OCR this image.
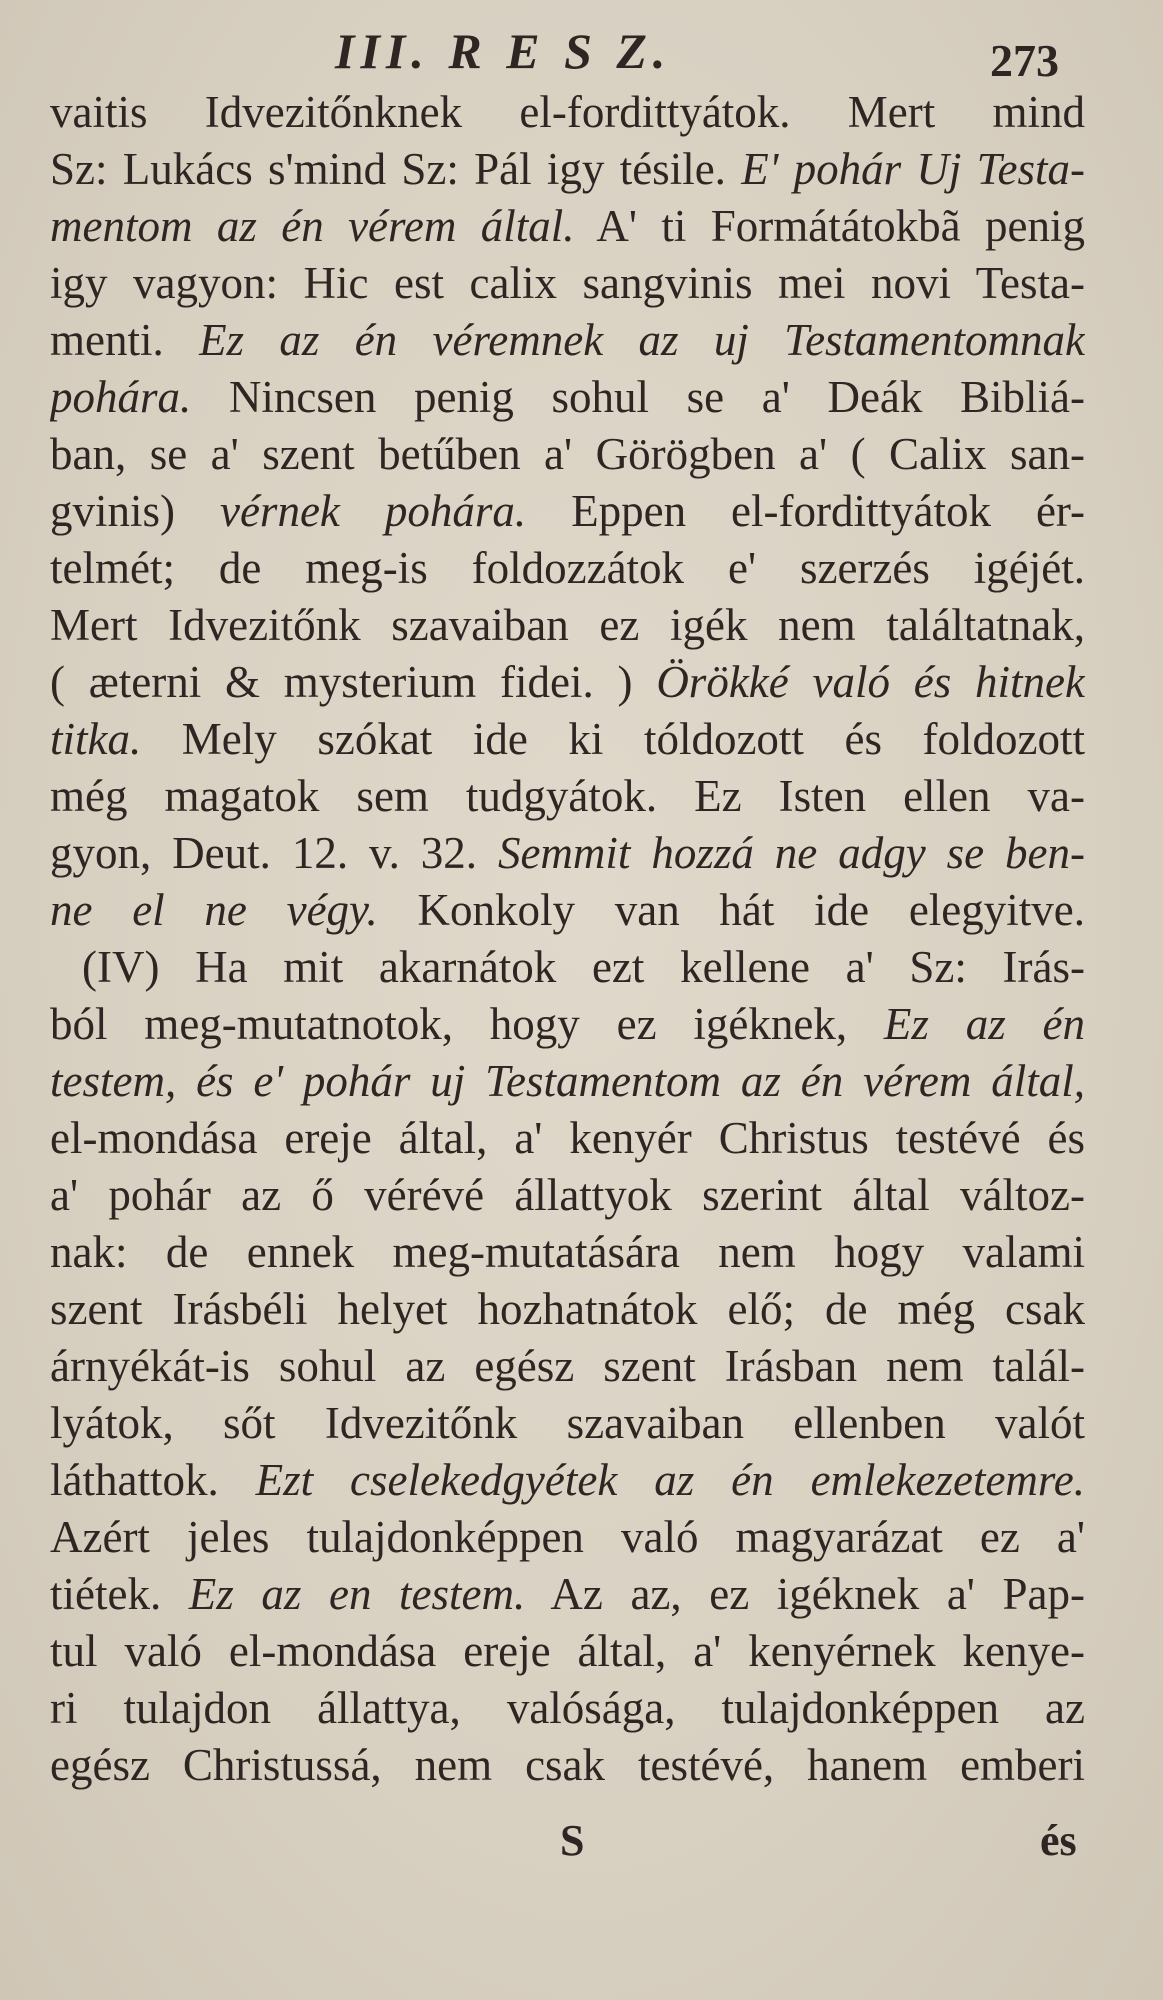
III. R E S Z.	273
vaitis Idvezitőnknek el-fordittyátok. Mert mind
Sz: Lukács s'mind Sz: Pál igy tésile. E' pohár Uj Testa-
mentom az én vérem által. A' ti Formátátokbã penig
igy vagyon: Hic est calix sangvinis mei novi Testa-
menti. Ez az én véremnek az uj Testamentomnak
pohára. Nincsen penig sohul se a' Deák Bibliá-
ban, se a' szent betűben a' Görögben a' ( Calix san-
gvinis) vérnek pohára. Eppen el-fordittyátok ér-
telmét; de meg-is foldozzátok e' szerzés igéjét.
Mert Idvezitőnk szavaiban ez igék nem találtatnak,
( æterni & mysterium fidei. ) Örökké való és hitnek
titka. Mely szókat ide ki tóldozott és foldozott
még magatok sem tudgyátok. Ez Isten ellen va-
gyon, Deut. 12. v. 32. Semmit hozzá ne adgy se ben-
ne el ne végy. Konkoly van hát ide elegyitve.
(IV) Ha mit akarnátok ezt kellene a' Sz: Irás-
ból meg-mutatnotok, hogy ez igéknek, Ez az én
testem, és e' pohár uj Testamentom az én vérem által,
el-mondása ereje által, a' kenyér Christus testévé és
a' pohár az ő vérévé állattyok szerint által változ-
nak: de ennek meg-mutatására nem hogy valami
szent Irásbéli helyet hozhatnátok elő; de még csak
árnyékát-is sohul az egész szent Irásban nem talál-
lyátok, sőt Idvezitőnk szavaiban ellenben valót
láthattok. Ezt cselekedgyétek az én emlekezetemre.
Azért jeles tulajdonképpen való magyarázat ez a'
tiétek. Ez az en testem. Az az, ez igéknek a' Pap-
tul való el-mondása ereje által, a' kenyérnek kenye-
ri tulajdon állattya, valósága, tulajdonképpen az
egész Christussá, nem csak testévé, hanem emberi
S	és
